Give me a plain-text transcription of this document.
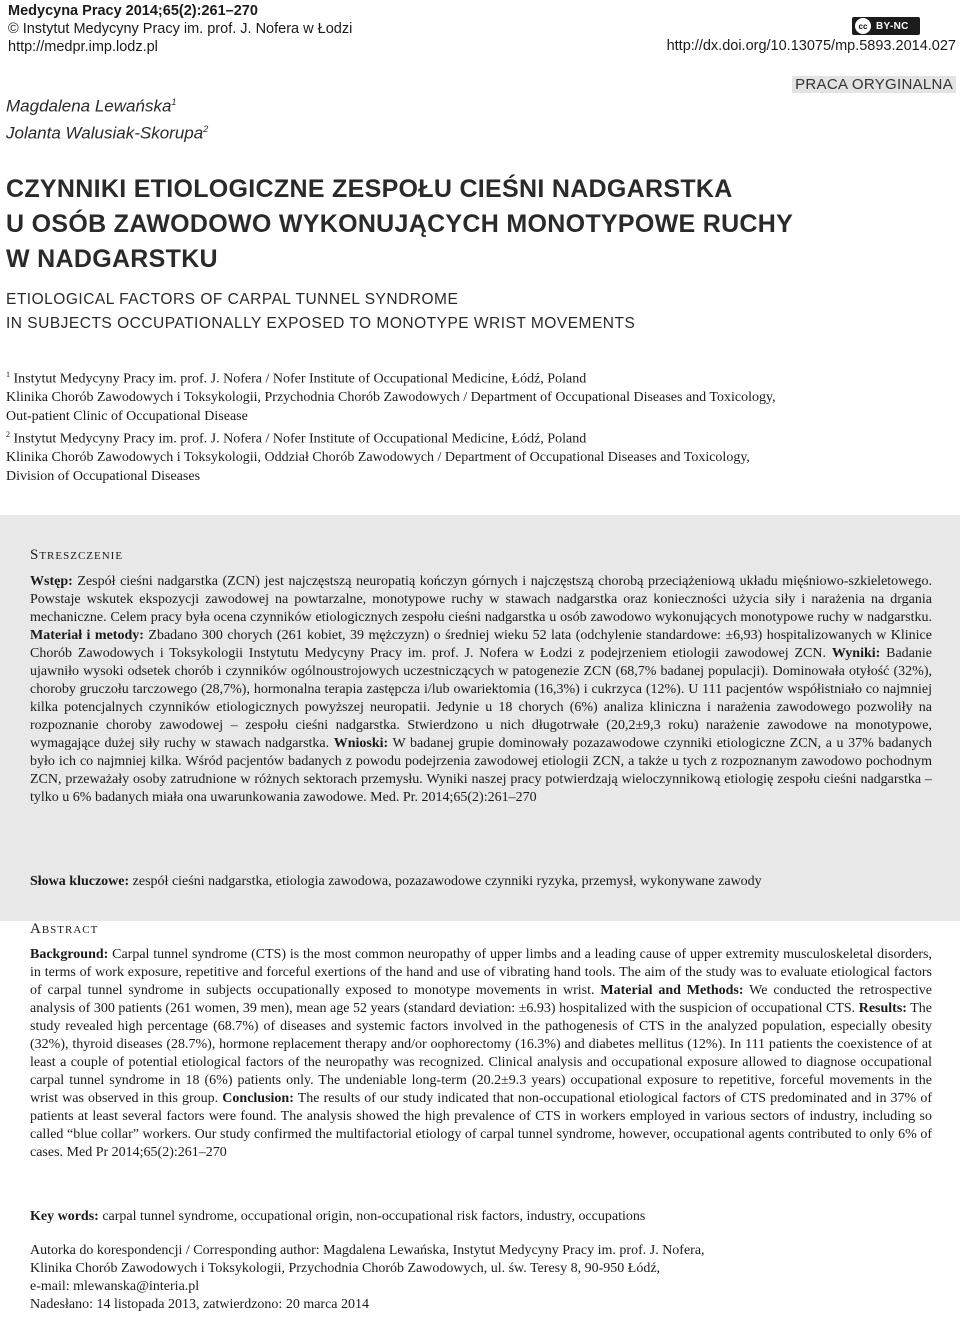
Medycyna Pracy 2014;65(2):261–270
© Instytut Medycyny Pracy im. prof. J. Nofera w Łodzi
http://medpr.imp.lodz.pl
cc BY-NC
http://dx.doi.org/10.13075/mp.5893.2014.027
PRACA ORYGINALNA
Magdalena Lewańska$^1$
Jolanta Walusiak-Skorupa$^2$
CZYNNIKI ETIOLOGICZNE ZESPOŁU CIEŚNI NADGARSTKA
U OSÓB ZAWODOWO WYKONUJĄCYCH MONOTYPOWE RUCHY
W NADGARSTKU
ETIOLOGICAL FACTORS OF CARPAL TUNNEL SYNDROME
IN SUBJECTS OCCUPATIONALLY EXPOSED TO MONOTYPE WRIST MOVEMENTS

$^1$ Instytut Medycyny Pracy im. prof. J. Nofera / Nofer Institute of Occupational Medicine, Łódź, Poland

Klinika Chorób Zawodowych i Toksykologii, Przychodnia Chorób Zawodowych / Department of Occupational Diseases and Toxicology,

Out-patient Clinic of Occupational Disease

$^2$ Instytut Medycyny Pracy im. prof. J. Nofera / Nofer Institute of Occupational Medicine, Łódź, Poland

Klinika Chorób Zawodowych i Toksykologii, Oddział Chorób Zawodowych / Department of Occupational Diseases and Toxicology,

Division of Occupational Diseases

Streszczenie
Wstęp: Zespół cieśni nadgarstka (ZCN) jest najczęstszą neuropatią kończyn górnych i najczęstszą chorobą przeciążeniową układu mięśniowo-szkieletowego. Powstaje wskutek ekspozycji zawodowej na powtarzalne, monotypowe ruchy w stawach nadgarstka oraz konieczności użycia siły i narażenia na drgania mechaniczne. Celem pracy była ocena czynników etiologicznych zespołu cieśni nadgarstka u osób zawodowo wykonujących monotypowe ruchy w nadgarstku. Materiał i metody: Zbadano 300 chorych (261 kobiet, 39 mężczyzn) o średniej wieku 52 lata (odchylenie standardowe: ±6,93) hospitalizowanych w Klinice Chorób Zawodowych i Toksykologii Instytutu Medycyny Pracy im. prof. J. Nofera w Łodzi z podejrzeniem etiologii zawodowej ZCN. Wyniki: Badanie ujawniło wysoki odsetek chorób i czynników ogólnoustrojowych uczestniczących w patogenezie ZCN (68,7% badanej populacji). Dominowała otyłość (32%), choroby gruczołu tarczowego (28,7%), hormonalna terapia zastępcza i/lub owariektomia (16,3%) i cukrzyca (12%). U 111 pacjentów współistniało co najmniej kilka potencjalnych czynników etiologicznych powyższej neuropatii. Jedynie u 18 chorych (6%) analiza kliniczna i narażenia zawodowego pozwoliły na rozpoznanie choroby zawodowej – zespołu cieśni nadgarstka. Stwierdzono u nich długotrwałe (20,2±9,3 roku) narażenie zawodowe na monotypowe, wymagające dużej siły ruchy w stawach nadgarstka. Wnioski: W badanej grupie dominowały pozazawodowe czynniki etiologiczne ZCN, a u 37% badanych było ich co najmniej kilka. Wśród pacjentów badanych z powodu podejrzenia zawodowej etiologii ZCN, a także u tych z rozpoznanym zawodowo pochodnym ZCN, przeważały osoby zatrudnione w różnych sektorach przemysłu. Wyniki naszej pracy potwierdzają wieloczynnikową etiologię zespołu cieśni nadgarstka – tylko u 6% badanych miała ona uwarunkowania zawodowe. Med. Pr. 2014;65(2):261–270
Słowa kluczowe: zespół cieśni nadgarstka, etiologia zawodowa, pozazawodowe czynniki ryzyka, przemysł, wykonywane zawody
Abstract
Background: Carpal tunnel syndrome (CTS) is the most common neuropathy of upper limbs and a leading cause of upper extremity musculoskeletal disorders, in terms of work exposure, repetitive and forceful exertions of the hand and use of vibrating hand tools. The aim of the study was to evaluate etiological factors of carpal tunnel syndrome in subjects occupationally exposed to monotype movements in wrist. Material and Methods: We conducted the retrospective analysis of 300 patients (261 women, 39 men), mean age 52 years (standard deviation: ±6.93) hospitalized with the suspicion of occupational CTS. Results: The study revealed high percentage (68.7%) of diseases and systemic factors involved in the pathogenesis of CTS in the analyzed population, especially obesity (32%), thyroid diseases (28.7%), hormone replacement therapy and/or oophorectomy (16.3%) and diabetes mellitus (12%). In 111 patients the coexistence of at least a couple of potential etiological factors of the neuropathy was recognized. Clinical analysis and occupational exposure allowed to diagnose occupational carpal tunnel syndrome in 18 (6%) patients only. The undeniable long-term (20.2±9.3 years) occupational exposure to repetitive, forceful movements in the wrist was observed in this group. Conclusion: The results of our study indicated that non-occupational etiological factors of CTS predominated and in 37% of patients at least several factors were found. The analysis showed the high prevalence of CTS in workers employed in various sectors of industry, including so called “blue collar” workers. Our study confirmed the multifactorial etiology of carpal tunnel syndrome, however, occupational agents contributed to only 6% of cases. Med Pr 2014;65(2):261–270
Key words: carpal tunnel syndrome, occupational origin, non-occupational risk factors, industry, occupations

Autorka do korespondencji / Corresponding author: Magdalena Lewańska, Instytut Medycyny Pracy im. prof. J. Nofera,

Klinika Chorób Zawodowych i Toksykologii, Przychodnia Chorób Zawodowych, ul. św. Teresy 8, 90-950 Łódź,

e-mail: mlewanska@interia.pl

Nadesłano: 14 listopada 2013, zatwierdzono: 20 marca 2014
